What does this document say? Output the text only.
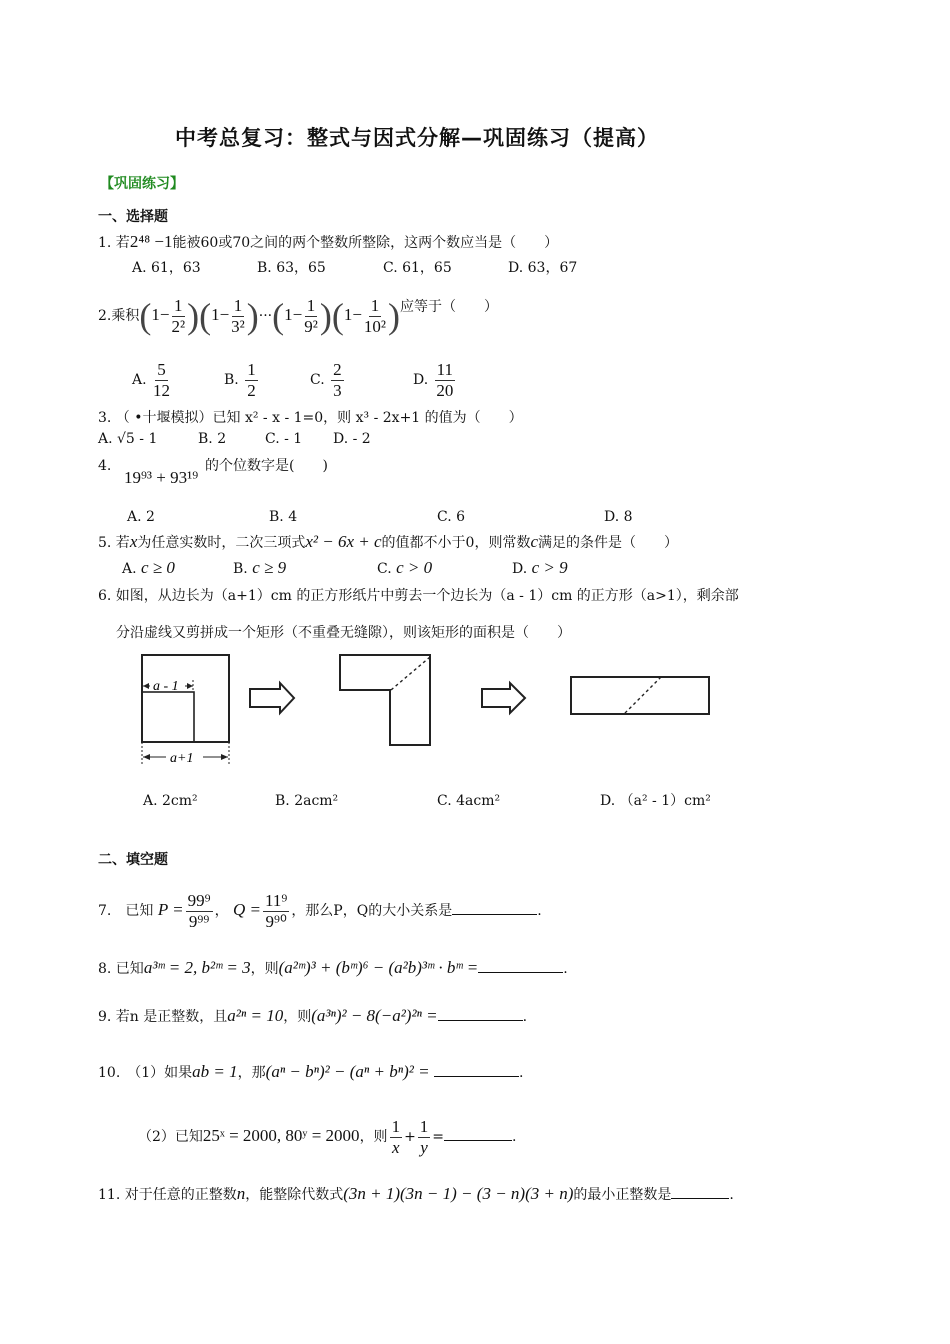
中考总复习：整式与因式分解—巩固练习（提高）
【巩固练习】
一、选择题
1. 若2⁴⁸ −1能被60或70之间的两个整数所整除，这两个数应当是（　　）
A. 61，63	B. 63，65	C. 61，65	D. 63，67
2.乘积$(1- \frac{1}{\text{2²}} )(1- \frac{1}{\text{3²}} )\cdot\cdot\cdot(1- \frac{1}{\text{9²}} )(1- \frac{1}{\text{10²}}$ )应等于（　　）
A. $\frac{5}{12}$	B. $\frac{1}{2}$	C. $\frac{2}{3}$	D. $\frac{11}{20}$
3. （ •十堰模拟）已知 x² - x - 1=0，则 x³ - 2x+1 的值为（　　）
A. √5 - 1	B. 2	C. - 1 D. - 2
4.
19⁹³ + 93¹⁹
的个位数字是(　　)
A. 2	B. 4	C. 6	D. 8
5. 若x为任意实数时，二次三项式x² − 6x + c的值都不小于0，则常数c满足的条件是（　　）
A. c ≥ 0	B. c ≥ 9	C. c > 0	D. c > 9
6. 如图，从边长为（a+1）cm 的正方形纸片中剪去一个边长为（a - 1）cm 的正方形（a>1），剩余部
分沿虚线又剪拼成一个矩形（不重叠无缝隙），则该矩形的面积是（　　）
a - 1
a+1
A. 2cm²	B. 2acm²	C. 4acm²	D. （a² - 1）cm²
二、填空题
7.　已知 $P = \frac{\text{99⁹}}{\text{9⁹⁹}}$ ， $Q = \frac{\text{11⁹}}{\text{9⁹⁰}}$ ，那么P，Q的大小关系是	.
8. 已知a³ᵐ = 2, b²ᵐ = 3，则(a²ᵐ)³ + (bᵐ)⁶ − (a²b)³ᵐ · bᵐ =	.
9. 若n 是正整数，且a²ⁿ = 10，则(a³ⁿ)² − 8(−a²)²ⁿ =	.
10.　（1）如果ab = 1，那(aⁿ − bⁿ)² − (aⁿ + bⁿ)² =	.
（2）已知25ˣ = 2000, 80ʸ = 2000，则 $\frac{1}{x} + \frac{1}{y}$ =	.
11. 对于任意的正整数n，能整除代数式(3n + 1)(3n − 1) − (3 − n)(3 + n)的最小正整数是	.
